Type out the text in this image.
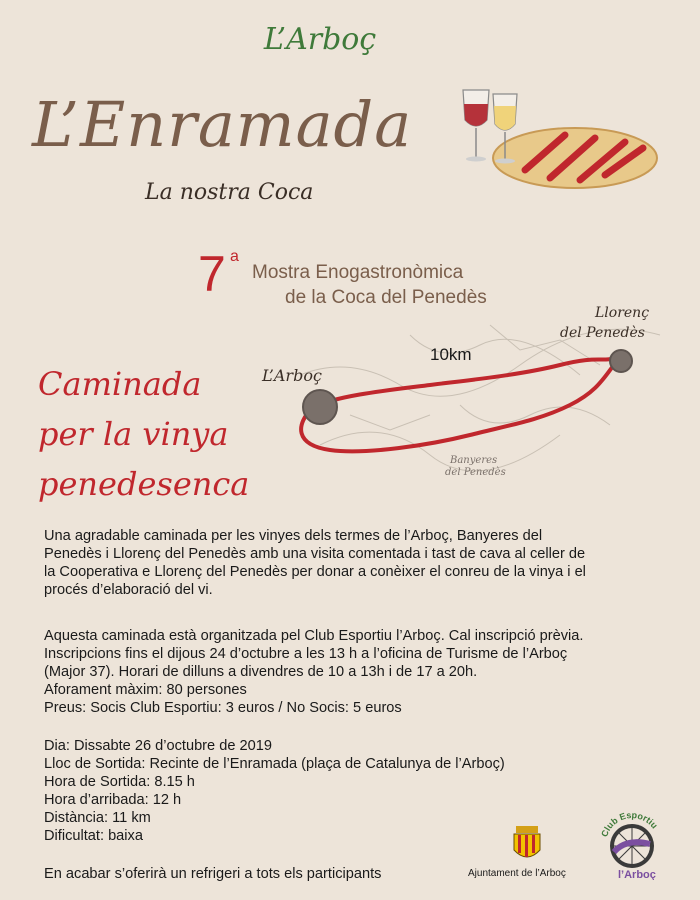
L’Arboç
L’Enramada
La nostra Coca
7 a
Mostra Enogastronòmica
de la Coca del Penedès
Caminada
per la vinya
penedesenca
10km
L’Arboç
Llorenç
del Penedès
Banyeres
del Penedès
Una agradable caminada per les vinyes dels termes de l’Arboç, Banyeres del
Penedès i Llorenç del Penedès amb una visita comentada i tast de cava al celler de
la Cooperativa e Llorenç del Penedès per donar a conèixer el conreu de la vinya i el
procés d’elaboració del vi.
Aquesta caminada està organitzada pel Club Esportiu l’Arboç. Cal inscripció prèvia.
Inscripcions fins el dijous 24 d’octubre a les 13 h a l’oficina de Turisme de l’Arboç
(Major 37). Horari de dilluns a divendres de 10 a 13h i de 17 a 20h.
Aforament màxim: 80 persones
Preus: Socis Club Esportiu: 3 euros / No Socis: 5 euros
Dia: Dissabte 26 d’octubre de 2019
Lloc de Sortida: Recinte de l’Enramada (plaça de Catalunya de l’Arboç)
Hora de Sortida: 8.15 h
Hora d’arribada: 12 h
Distància: 11 km
Dificultat: baixa
En acabar s’oferirà un refrigeri a tots els participants	Ajuntament de l’Arboç
Club Esportiu
l’Arboç
